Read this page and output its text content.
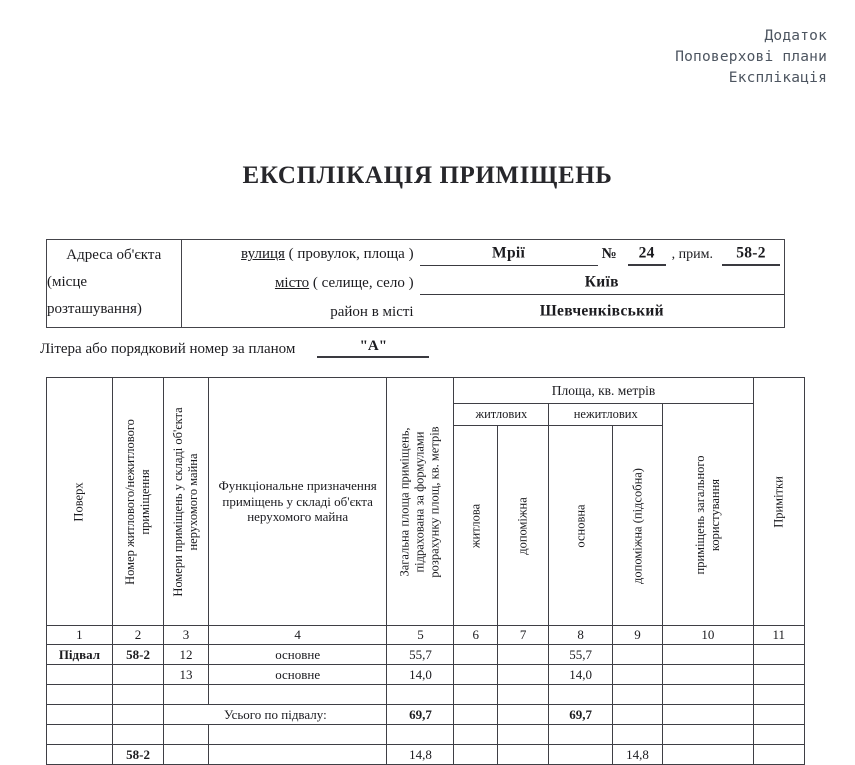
Додаток
Поповерхові плани
Експлікація
ЕКСПЛІКАЦІЯ ПРИМІЩЕНЬ
Адреса об'єкта
(місце розташування)
вулиця ( провулок, площа )	Мрії	№	24	, прим.	58-2
місто ( селище, село )	Київ
район в місті	Шевченківський
Літера або порядковий номер за планом	"А"
Поверх	Номер житлового/нежитлового приміщення	Номери приміщень у складі об'єкта нерухомого майна	Функціональне призначення приміщень у складі об'єкта нерухомого майна	Загальна площа приміщень, підрахована за формулами розрахунку площ, кв. метрів	Площа, кв. метрів					Примітки

					житлових		нежитлових		приміщень загального користування	

					житлова	допоміжна	основна	допоміжна (підсобна)		

1	2	3	4	5	6	7	8	9	10	11
Підвал	58-2	12	основне	55,7			55,7			
		13	основне	14,0			14,0			

		Усього по підвалу:		69,7			69,7			

	58-2			14,8				14,8		
